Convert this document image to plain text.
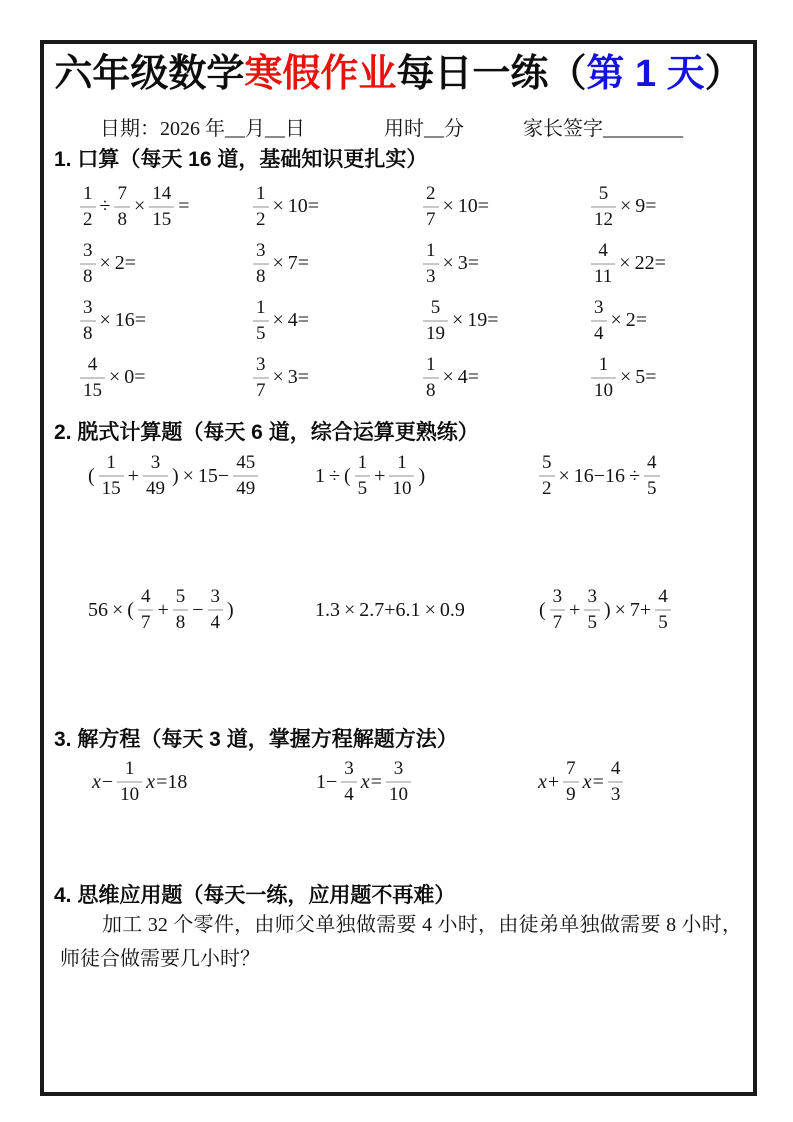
六年级数学寒假作业每日一练（第 1 天）
日期：2026 年__月__日	用时__分	家长签字________
1. 口算（每天 16 道，基础知识更扎实）
$\frac{1}{2} \div \frac{7}{8} \times \frac{14}{15}$ =	$\frac{1}{2} \times 10=$	$\frac{2}{7} \times 10=$	$\frac{5}{12} \times 9=$
$\frac{3}{8} \times 2=$	$\frac{3}{8} \times 7=$	$\frac{1}{3} \times 3=$	$\frac{4}{11} \times 22=$
$\frac{3}{8} \times 16=$	$\frac{1}{5} \times 4=$	$\frac{5}{19} \times 19=$	$\frac{3}{4} \times 2=$
$\frac{4}{15} \times 0=$	$\frac{3}{7} \times 3=$	$\frac{1}{8} \times 4=$	$\frac{1}{10} \times 5=$
2. 脱式计算题（每天 6 道，综合运算更熟练）
( $\frac{1}{15} + \frac{3}{49}$ ) × $15- \frac{45}{49}$	1 ÷ ( $\frac{1}{5} + \frac{1}{10}$ )	$\frac{5}{2} \times 16-16 \div \frac{4}{5}$
56 × ( $\frac{4}{7} + \frac{5}{8} - \frac{3}{4}$ )	1.3 × 2.7+6.1 × 0.9	( $\frac{3}{7} + \frac{3}{5}$ ) × $7+ \frac{4}{5}$
3. 解方程（每天 3 道，掌握方程解题方法）
$x- \frac{1}{10} x=18$	$1- \frac{3}{4} x= \frac{3}{10}$	$x+ \frac{7}{9} x= \frac{4}{3}$
4. 思维应用题（每天一练，应用题不再难）
加工 32 个零件，由师父单独做需要 4 小时，由徒弟单独做需要 8 小时，师徒合做需要几小时？
